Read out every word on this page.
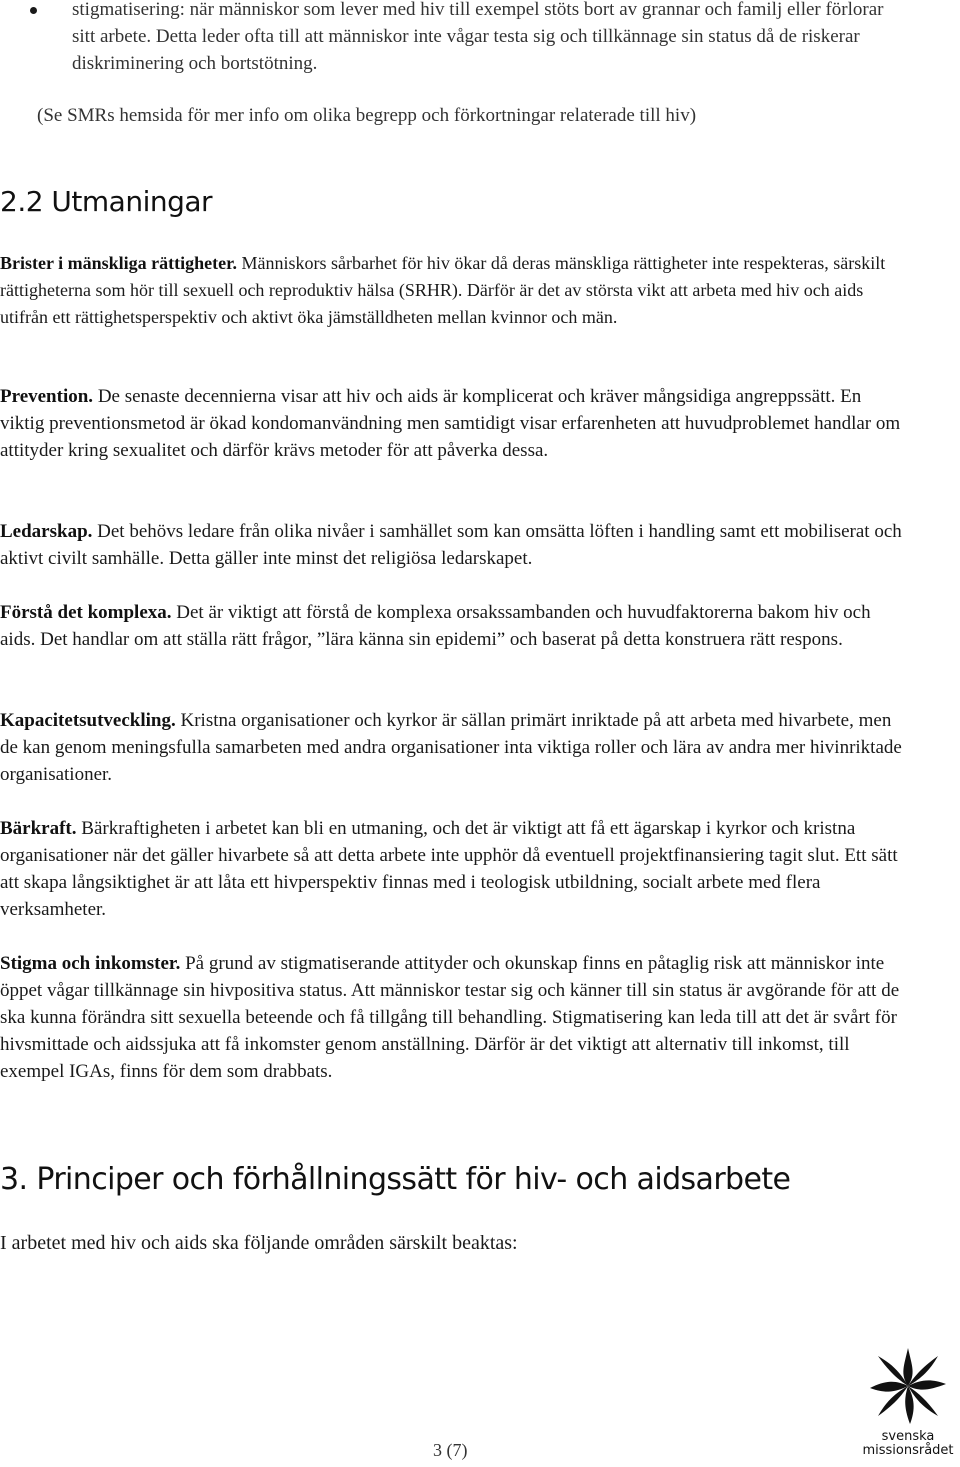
stigmatisering: när människor som lever med hiv till exempel stöts bort av grannar och familj eller förlorar sitt arbete. Detta leder ofta till att människor inte vågar testa sig och tillkännage sin status då de riskerar diskriminering och bortstötning.
(Se SMRs hemsida för mer info om olika begrepp och förkortningar relaterade till hiv)
2.2 Utmaningar

Brister i mänskliga rättigheter. Människors sårbarhet för hiv ökar då deras mänskliga rättigheter inte respekteras, särskilt rättigheterna som hör till sexuell och reproduktiv hälsa (SRHR). Därför är det av största vikt att arbeta med hiv och aids utifrån ett rättighetsperspektiv och aktivt öka jämställdheten mellan kvinnor och män.

Prevention. De senaste decennierna visar att hiv och aids är komplicerat och kräver mångsidiga angreppssätt. En viktig preventionsmetod är ökad kondomanvändning men samtidigt visar erfarenheten att huvudproblemet handlar om attityder kring sexualitet och därför krävs metoder för att påverka dessa.

Ledarskap. Det behövs ledare från olika nivåer i samhället som kan omsätta löften i handling samt ett mobiliserat och aktivt civilt samhälle. Detta gäller inte minst det religiösa ledarskapet.

Förstå det komplexa. Det är viktigt att förstå de komplexa orsakssambanden och huvudfaktorerna bakom hiv och aids. Det handlar om att ställa rätt frågor, ”lära känna sin epidemi” och baserat på detta konstruera rätt respons.

Kapacitetsutveckling. Kristna organisationer och kyrkor är sällan primärt inriktade på att arbeta med hivarbete, men de kan genom meningsfulla samarbeten med andra organisationer inta viktiga roller och lära av andra mer hivinriktade organisationer.

Bärkraft. Bärkraftigheten i arbetet kan bli en utmaning, och det är viktigt att få ett ägarskap i kyrkor och kristna organisationer när det gäller hivarbete så att detta arbete inte upphör då eventuell projektfinansiering tagit slut. Ett sätt att skapa långsiktighet är att låta ett hivperspektiv finnas med i teologisk utbildning, socialt arbete med flera verksamheter.

Stigma och inkomster. På grund av stigmatiserande attityder och okunskap finns en påtaglig risk att människor inte öppet vågar tillkännage sin hivpositiva status. Att människor testar sig och känner till sin status är avgörande för att de ska kunna förändra sitt sexuella beteende och få tillgång till behandling. Stigmatisering kan leda till att det är svårt för hivsmittade och aidssjuka att få inkomster genom anställning. Därför är det viktigt att alternativ till inkomst, till exempel IGAs, finns för dem som drabbats.

3. Principer och förhållningssätt för hiv- och aidsarbete
I arbetet med hiv och aids ska följande områden särskilt beaktas:
3 (7)
svenska
missionsrådet
